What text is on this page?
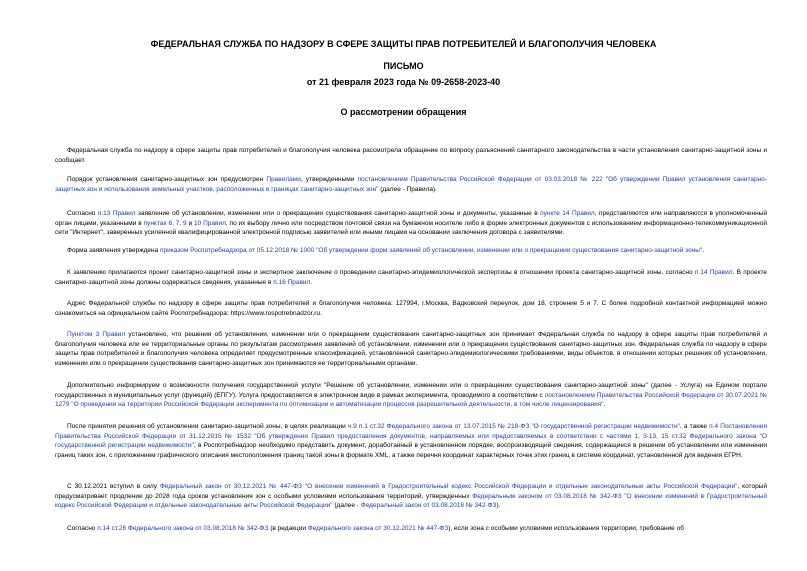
ФЕДЕРАЛЬНАЯ СЛУЖБА ПО НАДЗОРУ В СФЕРЕ ЗАЩИТЫ ПРАВ ПОТРЕБИТЕЛЕЙ И БЛАГОПОЛУЧИЯ ЧЕЛОВЕКА
ПИСЬМО
от 21 февраля 2023 года № 09-2658-2023-40
О рассмотрении обращения
Федеральная служба по надзору в сфере защиты прав потребителей и благополучия человека рассмотрела обращение по вопросу разъяснений санитарного законодательства в части установления санитарно-защитной зоны и сообщает.
Порядок установления санитарно-защитных зон предусмотрен Правилами, утвержденными постановлением Правительства Российской Федерации от 03.03.2018 № 222 "Об утверждении Правил установления санитарно-защитных зон и использования земельных участков, расположенных в границах санитарно-защитных зон" (далее - Правила).
Согласно п.13 Правил заявление об установлении, изменении или о прекращении существования санитарно-защитной зоны и документы, указанные в пункте 14 Правил, представляются или направляются в уполномоченный орган лицами, указанными в пунктах 6, 7, 9 и 10 Правил, по их выбору лично или посредством почтовой связи на бумажном носителе либо в форме электронных документов с использованием информационно-телекоммуникационной сети "Интернет", заверенных усиленной квалифицированной электронной подписью заявителей или иными лицами на основании заключения договора с заявителями.
Форма заявления утверждена приказом Роспотребнадзора от 05.12.2018 № 1000 "Об утверждении форм заявлений об установлении, изменении или о прекращении существования санитарно-защитной зоны".
К заявлению прилагаются проект санитарно-защитной зоны и экспертное заключение о проведении санитарно-эпидемиологической экспертизы в отношении проекта санитарно-защитной зоны, согласно п.14 Правил. В проекте санитарно-защитной зоны должны содержаться сведения, указанные в п.16 Правил.
Адрес Федеральной службы по надзору в сфере защиты прав потребителей и благополучия человека: 127994, г.Москва, Вадковский переулок, дом 18, строение 5 и 7. С более подробной контактной информацией можно ознакомиться на официальном сайте Роспотребнадзора: https://www.rospotrebnadzor.ru.
Пунктом 3 Правил установлено, что решения об установлении, изменении или о прекращении существования санитарно-защитных зон принимает Федеральная служба по надзору в сфере защиты прав потребителей и благополучия человека или ее территориальные органы по результатам рассмотрения заявлений об установлении, изменении или о прекращении существования санитарно-защитных зон. Федеральная служба по надзору в сфере защиты прав потребителей и благополучия человека определяет предусмотренные классификацией, установленной санитарно-эпидемиологическими требованиями, виды объектов, в отношении которых решения об установлении, изменении или о прекращении существования санитарно-защитных зон принимаются ее территориальными органами.
Дополнительно информируем о возможности получения государственной услуги "Решение об установлении, изменении или о прекращении существования санитарно-защитной зоны" (далее - Услуга) на Едином портале государственных и муниципальных услуг (функций) (ЕПГУ). Услуга предоставляется в электронном виде в рамках эксперимента, проводимого в соответствии с постановлением Правительства Российской Федерации от 30.07.2021 № 1279 "О проведении на территории Российской Федерации эксперимента по оптимизации и автоматизации процессов разрешительной деятельности, в том числе лицензирования".
После принятия решения об установлении санитарно-защитной зоны, в целях реализации ч.9 п.1 ст.32 Федерального закона от 13.07.2015 № 218-ФЗ "О государственной регистрации недвижимости", а также п.4 Постановления Правительства Российской Федерации от 31.12.2015 № 1532 "Об утверждении Правил предоставления документов, направляемых или предоставляемых в соответствии с частями 1, 3-13, 15 ст.32 Федерального закона "О государственной регистрации недвижимости", в Роспотребнадзор необходимо представить документ, доработанный в установленном порядке, воспроизводящий сведения, содержащиеся в решении об установлении или изменении границ таких зон, с приложением графического описания местоположения границ такой зоны в формате XML, а также перечня координат характерных точек этих границ в системе координат, установленной для ведения ЕГРН.
С 30.12.2021 вступил в силу Федеральный закон от 30.12.2021 № 447-ФЗ "О внесении изменений в Градостроительный кодекс Российской Федерации и отдельные законодательные акты Российской Федерации", который предусматривает продление до 2028 года сроков установления зон с особыми условиями использования территорий, утвержденных Федеральным законом от 03.08.2018 № 342-ФЗ "О внесении изменений в Градостроительный кодекс Российской Федерации и отдельные законодательные акты Российской Федерации" (далее - Федеральный закон от 03.08.2018 № 342-ФЗ).
Согласно п.14 ст.26 Федерального закона от 03.08.2018 № 342-ФЗ (в редакции Федерального закона от 30.12.2021 № 447-ФЗ), если зона с особыми условиями использования территории, требование об
